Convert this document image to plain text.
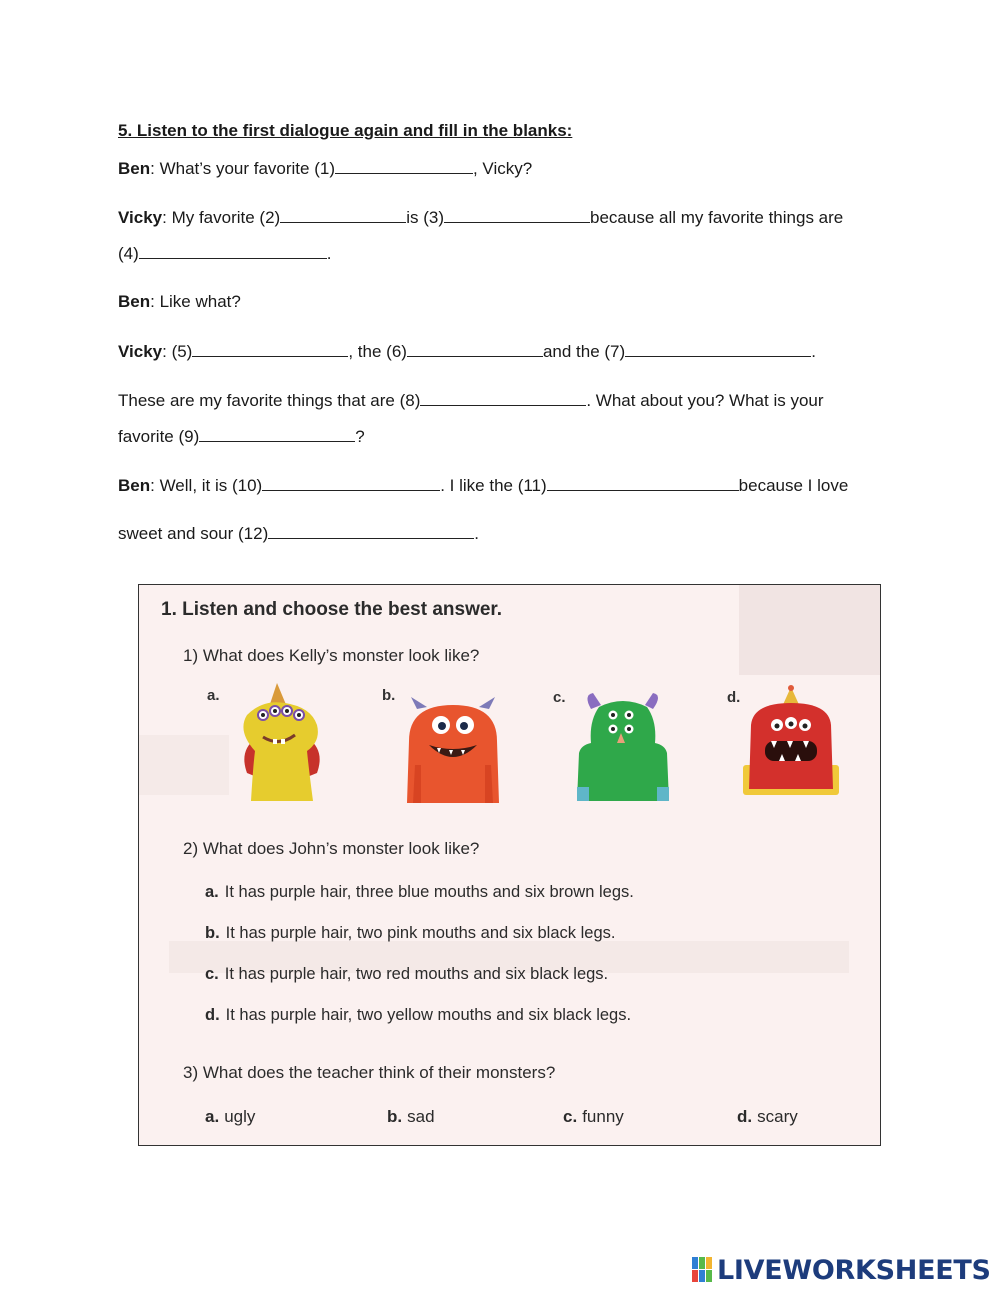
5. Listen to the first dialogue again and fill in the blanks:
Ben: What’s your favorite (1)	, Vicky?
Vicky: My favorite (2)	is (3)	because all my favorite things are
(4)	.
Ben: Like what?
Vicky: (5)	, the (6)	and the (7)	.
These are my favorite things that are (8)	. What about you? What is your
favorite (9)	?
Ben: Well, it is (10)	. I like the (11)	because I love
sweet and sour (12)	.
1. Listen and choose the best answer.
1) What does Kelly’s monster look like?
a.	b.	c.	d.
2) What does John’s monster look like?
a. It has purple hair, three blue mouths and six brown legs.
b. It has purple hair, two pink mouths and six black legs.
c. It has purple hair, two red mouths and six black legs.
d. It has purple hair, two yellow mouths and six black legs.
3) What does the teacher think of their monsters?
a. ugly	b. sad	c. funny	d. scary
LIVEWORKSHEETS
